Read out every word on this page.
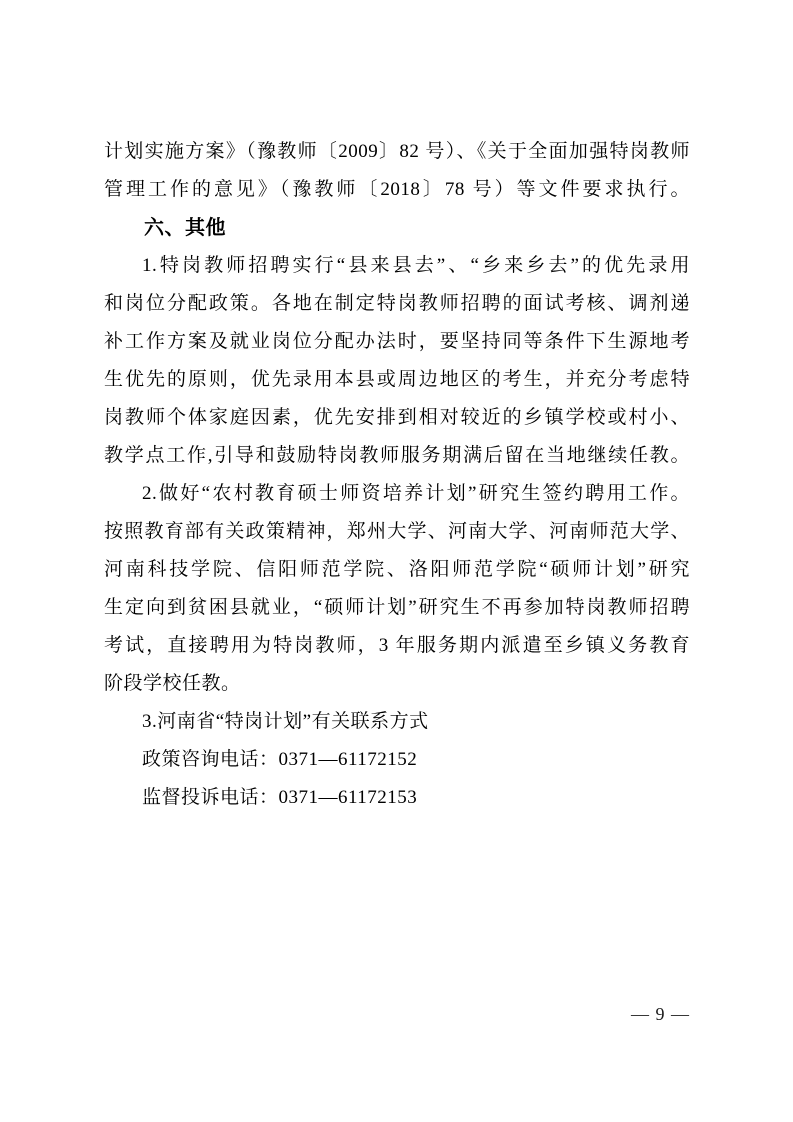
计划实施方案》（豫教师〔2009〕82 号）、《关于全面加强特岗教师

管理工作的意见》（豫教师〔2018〕78 号）等文件要求执行。

六、其他

1.特岗教师招聘实行“县来县去”、“乡来乡去”的优先录用

和岗位分配政策。各地在制定特岗教师招聘的面试考核、调剂递

补工作方案及就业岗位分配办法时，要坚持同等条件下生源地考

生优先的原则，优先录用本县或周边地区的考生，并充分考虑特

岗教师个体家庭因素，优先安排到相对较近的乡镇学校或村小、

教学点工作,引导和鼓励特岗教师服务期满后留在当地继续任教。

2.做好“农村教育硕士师资培养计划”研究生签约聘用工作。

按照教育部有关政策精神，郑州大学、河南大学、河南师范大学、

河南科技学院、信阳师范学院、洛阳师范学院“硕师计划”研究

生定向到贫困县就业，“硕师计划”研究生不再参加特岗教师招聘

考试，直接聘用为特岗教师，3 年服务期内派遣至乡镇义务教育

阶段学校任教。

3.河南省“特岗计划”有关联系方式

政策咨询电话：0371—61172152

监督投诉电话：0371—61172153

— 9 —
